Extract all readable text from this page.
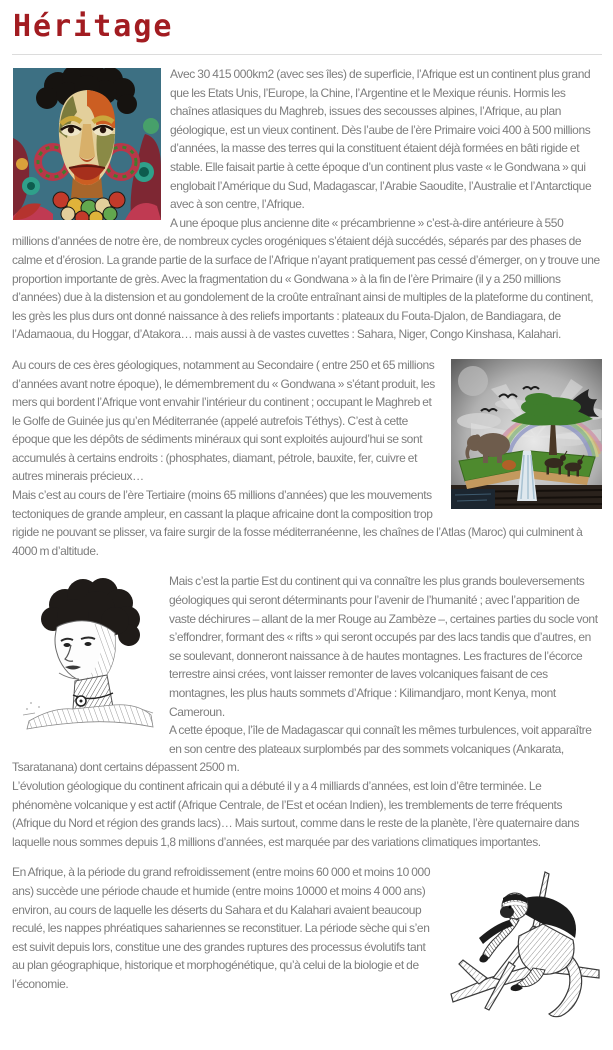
Héritage

Avec 30 415 000km2 (avec ses îles) de superficie, l’Afrique est un continent plus grand que les Etats Unis, l’Europe, la Chine, l’Argentine et le Mexique réunis. Hormis les chaînes atlasiques du Maghreb, issues des secousses alpines, l’Afrique, au plan géologique, est un vieux continent. Dès l’aube de l’ère Primaire voici 400 à 500 millions d’années, la masse des terres qui la constituent étaient déjà formées en bâti rigide et stable. Elle faisait partie à cette époque d’un continent plus vaste « le Gondwana » qui englobait l’Amérique du Sud, Madagascar, l’Arabie Saoudite, l’Australie et l’Antarctique avec à son centre, l’Afrique.

A une époque plus ancienne dite « précambrienne » c’est-à-dire antérieure à 550 millions d’années de notre ère, de nombreux cycles orogéniques s’étaient déjà succédés, séparés par des phases de calme et d’érosion. La grande partie de la surface de l’Afrique n’ayant pratiquement pas cessé d’émerger, on y trouve une proportion importante de grès. Avec la fragmentation du « Gondwana » à la fin de l’ère Primaire (il y a 250 millions d’années) due à la distension et au gondolement de la croûte entraînant ainsi de multiples de la plateforme du continent, les grès les plus durs ont donné naissance à des reliefs importants : plateaux du Fouta-Djalon, de Bandiagara, de l’Adamaoua, du Hoggar, d’Atakora… mais aussi à de vastes cuvettes : Sahara, Niger, Congo Kinshasa, Kalahari.

Au cours de ces ères géologiques, notamment au Secondaire ( entre 250 et 65 millions d’années avant notre époque), le démembrement du « Gondwana » s’étant produit, les mers qui bordent l’Afrique vont envahir l’intérieur du continent ; occupant le Maghreb et le Golfe de Guinée jus qu’en Méditerranée (appelé autrefois Téthys). C’est à cette époque que les dépôts de sédiments minéraux qui sont exploités aujourd’hui se sont accumulés à certains endroits : (phosphates, diamant, pétrole, bauxite, fer, cuivre et autres minerais précieux…

Mais c’est au cours de l’ère Tertiaire (moins 65 millions d’années) que les mouvements tectoniques de grande ampleur, en cassant la plaque africaine dont la composition trop rigide ne pouvant se plisser, va faire surgir de la fosse méditerranéenne, les chaînes de l’Atlas (Maroc) qui culminent à 4000 m d’altitude.

Mais c’est la partie Est du continent qui va connaître les plus grands bouleversements géologiques qui seront déterminants pour l’avenir de l’humanité ; avec l’apparition de vaste déchirures – allant de la mer Rouge au Zambèze –, certaines parties du socle vont s’effondrer, formant des « rifts » qui seront occupés par des lacs tandis que d’autres, en se soulevant, donneront naissance à de hautes montagnes. Les fractures de l’écorce terrestre ainsi crées, vont laisser remonter de laves volcaniques faisant de ces montagnes, les plus hauts sommets d’Afrique : Kilimandjaro, mont Kenya, mont Cameroun.

A cette époque, l’île de Madagascar qui connaît les mêmes turbulences, voit apparaître en son centre des plateaux surplombés par des sommets volcaniques (Ankarata, Tsaratanana) dont certains dépassent 2500 m.

L’évolution géologique du continent africain qui a débuté il y a 4 milliards d’années, est loin d’être terminée. Le phénomène volcanique y est actif (Afrique Centrale, de l’Est et océan Indien), les tremblements de terre fréquents (Afrique du Nord et région des grands lacs)… Mais surtout, comme dans le reste de la planète, l’ère quaternaire dans laquelle nous sommes depuis 1,8 millions d’années, est marquée par des variations climatiques importantes.

En Afrique, à la période du grand refroidissement (entre moins 60 000 et moins 10 000 ans) succède une période chaude et humide (entre moins 10000 et moins 4 000 ans) environ, au cours de laquelle les déserts du Sahara et du Kalahari avaient beaucoup reculé, les nappes phréatiques sahariennes se reconstituer. La période sèche qui s’en est suivit depuis lors, constitue une des grandes ruptures des processus évolutifs tant au plan géographique, historique et morphogénétique, qu’à celui de la biologie et de l’économie.
